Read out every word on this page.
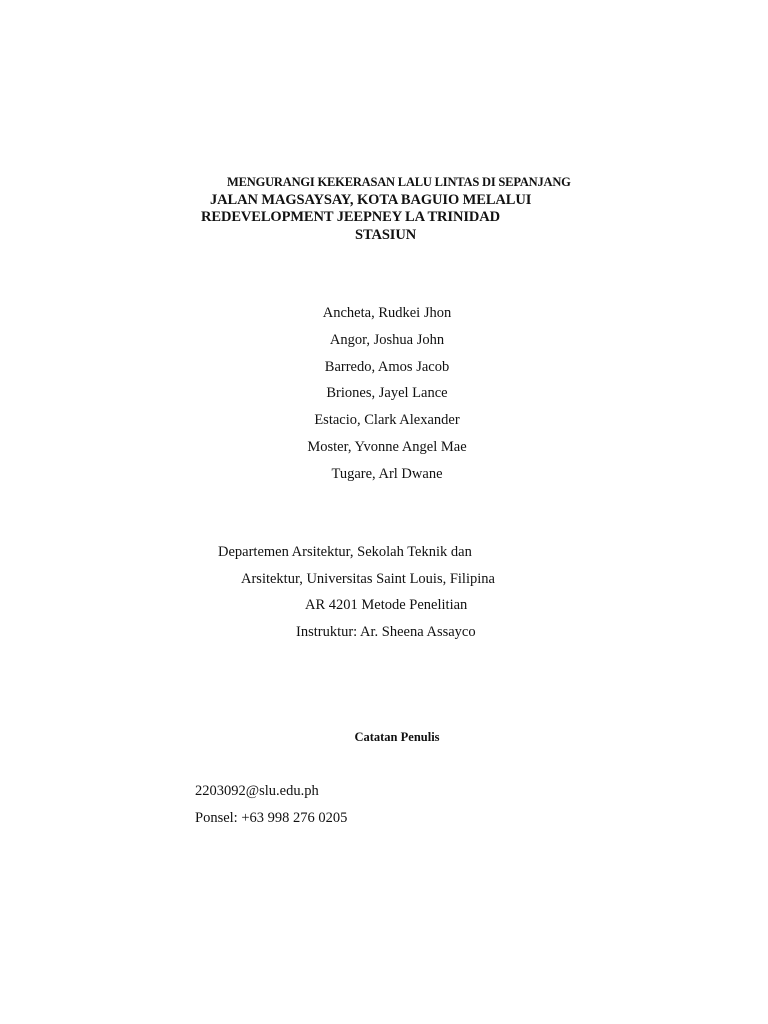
MENGURANGI KEKERASAN LALU LINTAS DI SEPANJANG
JALAN MAGSAYSAY, KOTA BAGUIO MELALUI
REDEVELOPMENT JEEPNEY LA TRINIDAD
STASIUN
Ancheta, Rudkei Jhon
Angor, Joshua John
Barredo, Amos Jacob
Briones, Jayel Lance
Estacio, Clark Alexander
Moster, Yvonne Angel Mae
Tugare, Arl Dwane
Departemen Arsitektur, Sekolah Teknik dan
Arsitektur, Universitas Saint Louis, Filipina
AR 4201 Metode Penelitian
Instruktur: Ar. Sheena Assayco
Catatan Penulis
2203092@slu.edu.ph
Ponsel: +63 998 276 0205
